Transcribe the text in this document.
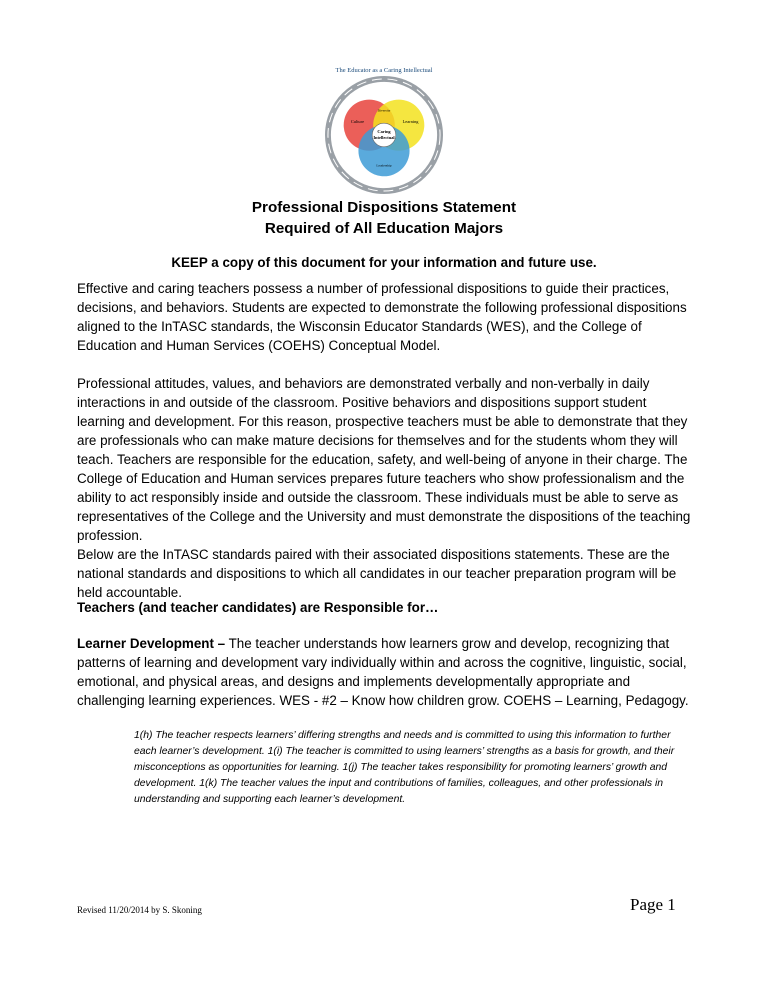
The Educator as a Caring Intellectual
Caring
Intellectual
Culture	Learning
Diversity
Leadership
Professional Dispositions Statement
Required of All Education Majors
KEEP a copy of this document for your information and future use.

Effective and caring teachers possess a number of professional dispositions to guide their practices, decisions, and behaviors. Students are expected to demonstrate the following professional dispositions aligned to the InTASC standards, the Wisconsin Educator Standards (WES), and the College of Education and Human Services (COEHS) Conceptual Model.

Professional attitudes, values, and behaviors are demonstrated verbally and non-verbally in daily interactions in and outside of the classroom. Positive behaviors and dispositions support student learning and development. For this reason, prospective teachers must be able to demonstrate that they are professionals who can make mature decisions for themselves and for the students whom they will teach. Teachers are responsible for the education, safety, and well-being of anyone in their charge. The College of Education and Human services prepares future teachers who show professionalism and the ability to act responsibly inside and outside the classroom. These individuals must be able to serve as representatives of the College and the University and must demonstrate the dispositions of the teaching profession.

Below are the InTASC standards paired with their associated dispositions statements. These are the national standards and dispositions to which all candidates in our teacher preparation program will be held accountable.

Teachers (and teacher candidates) are Responsible for…

Learner Development – The teacher understands how learners grow and develop, recognizing that patterns of learning and development vary individually within and across the cognitive, linguistic, social, emotional, and physical areas, and designs and implements developmentally appropriate and challenging learning experiences. WES - #2 – Know how children grow. COEHS – Learning, Pedagogy.

1(h) The teacher respects learners’ differing strengths and needs and is committed to using this information to further each learner’s development. 1(i) The teacher is committed to using learners’ strengths as a basis for growth, and their misconceptions as opportunities for learning. 1(j) The teacher takes responsibility for promoting learners’ growth and development. 1(k) The teacher values the input and contributions of families, colleagues, and other professionals in understanding and supporting each learner’s development.

Revised 11/20/2014 by S. Skoning	Page 1
